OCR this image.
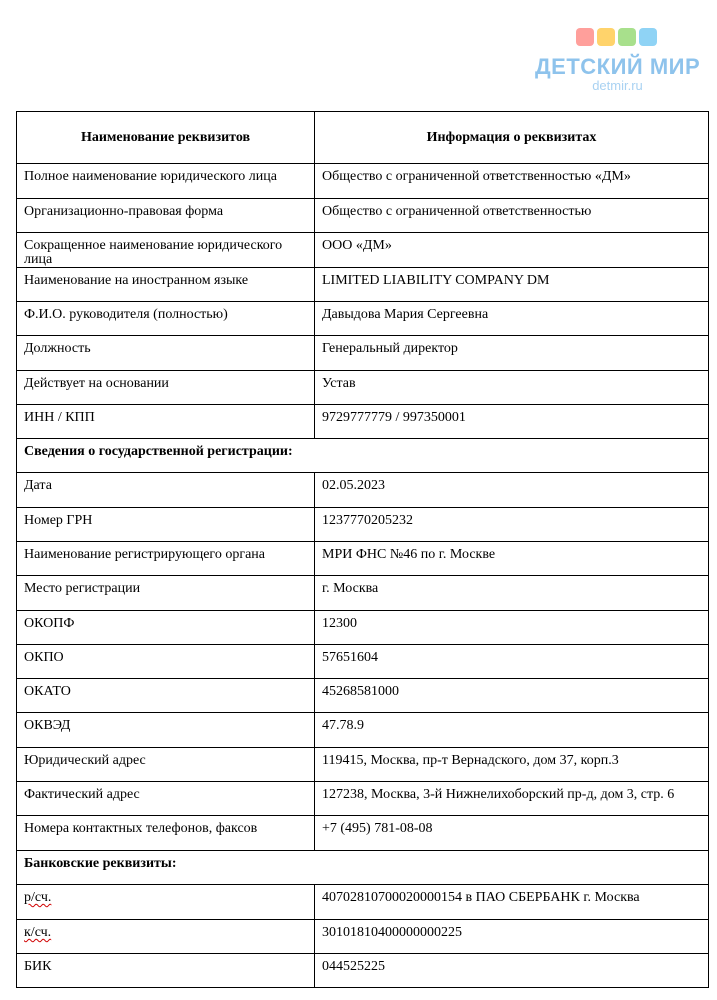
ДЕТСКИЙ МИР
detmir.ru
Наименование реквизитов	Информация о реквизитах
Полное наименование юридического лица	Общество с ограниченной ответственностью «ДМ»
Организационно-правовая форма	Общество с ограниченной ответственностью
Сокращенное наименование юридического лица	ООО «ДМ»
Наименование на иностранном языке	LIMITED LIABILITY COMPANY DM
Ф.И.О. руководителя (полностью)	Давыдова Мария Сергеевна
Должность	Генеральный директор
Действует на основании	Устав
ИНН / КПП	9729777779 / 997350001
Сведения о государственной регистрации:	
Дата	02.05.2023
Номер ГРН	1237770205232
Наименование регистрирующего органа	МРИ ФНС №46 по г. Москве
Место регистрации	г. Москва
ОКОПФ	12300
ОКПО	57651604
ОКАТО	45268581000
ОКВЭД	47.78.9
Юридический адрес	119415, Москва, пр-т Вернадского, дом 37, корп.3
Фактический адрес	127238, Москва, 3-й Нижнелихоборский пр-д, дом 3, стр. 6
Номера контактных телефонов, факсов	+7 (495) 781-08-08
Банковские реквизиты:	
р/сч.	40702810700020000154 в ПАО СБЕРБАНК г. Москва
к/сч.	30101810400000000225
БИК	044525225
